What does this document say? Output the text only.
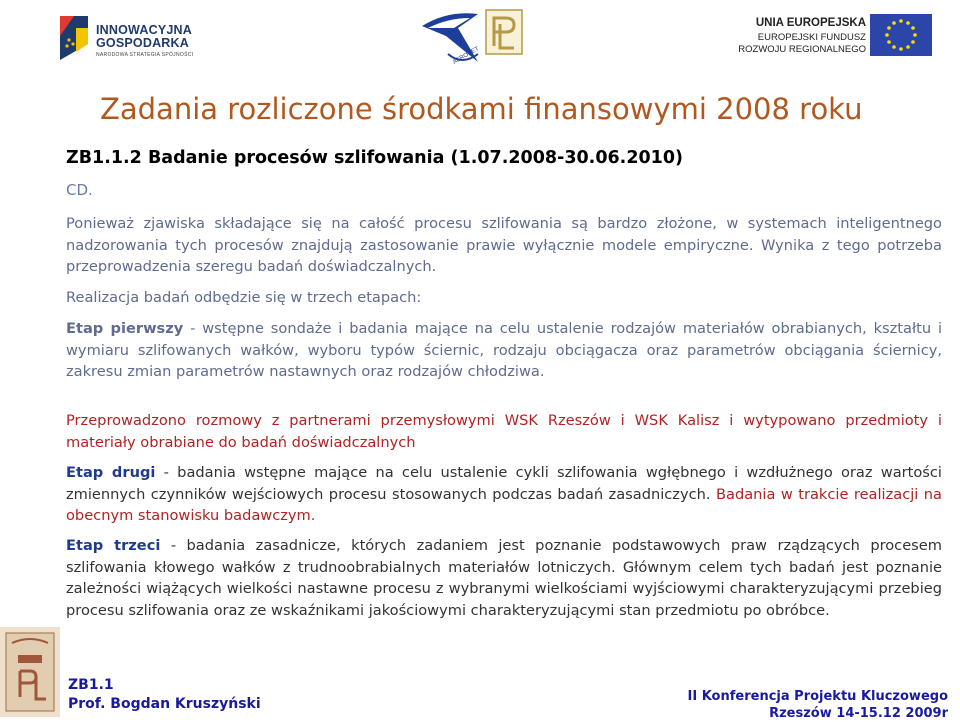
INNOWACYJNA
GOSPODARKA
NARODOWA STRATEGIA SPÓJNOŚCI	AERONET
UNIA EUROPEJSKA
EUROPEJSKI FUNDUSZ
ROZWOJU REGIONALNEGO
Zadania rozliczone środkami finansowymi 2008 roku
ZB1.1.2 Badanie procesów szlifowania (1.07.2008-30.06.2010)
CD.

Ponieważ zjawiska składające się na całość procesu szlifowania są bardzo złożone, w systemach inteligentnego nadzorowania tych procesów znajdują zastosowanie prawie wyłącznie modele empiryczne. Wynika z tego potrzeba przeprowadzenia szeregu badań doświadczalnych.

Realizacja badań odbędzie się w trzech etapach:

Etap pierwszy - wstępne sondaże i badania mające na celu ustalenie rodzajów materiałów obrabianych, kształtu i wymiaru szlifowanych wałków, wyboru typów ściernic, rodzaju obciągacza oraz parametrów obciągania ściernicy, zakresu zmian parametrów nastawnych oraz rodzajów chłodziwa.

Przeprowadzono rozmowy z partnerami przemysłowymi WSK Rzeszów i WSK Kalisz i wytypowano przedmioty i materiały obrabiane do badań doświadczalnych

Etap drugi - badania wstępne mające na celu ustalenie cykli szlifowania wgłębnego i wzdłużnego oraz wartości zmiennych czynników wejściowych procesu stosowanych podczas badań zasadniczych. Badania w trakcie realizacji na obecnym stanowisku badawczym.

Etap trzeci - badania zasadnicze, których zadaniem jest poznanie podstawowych praw rządzących procesem szlifowania kłowego wałków z trudnoobrabialnych materiałów lotniczych. Głównym celem tych badań jest poznanie zależności wiążących wielkości nastawne procesu z wybranymi wielkościami wyjściowymi charakteryzującymi przebieg procesu szlifowania oraz ze wskaźnikami jakościowymi charakteryzującymi stan przedmiotu po obróbce.

ZB1.1
Prof. Bogdan Kruszyński	II Konferencja Projektu Kluczowego
Rzeszów 14-15.12 2009r
